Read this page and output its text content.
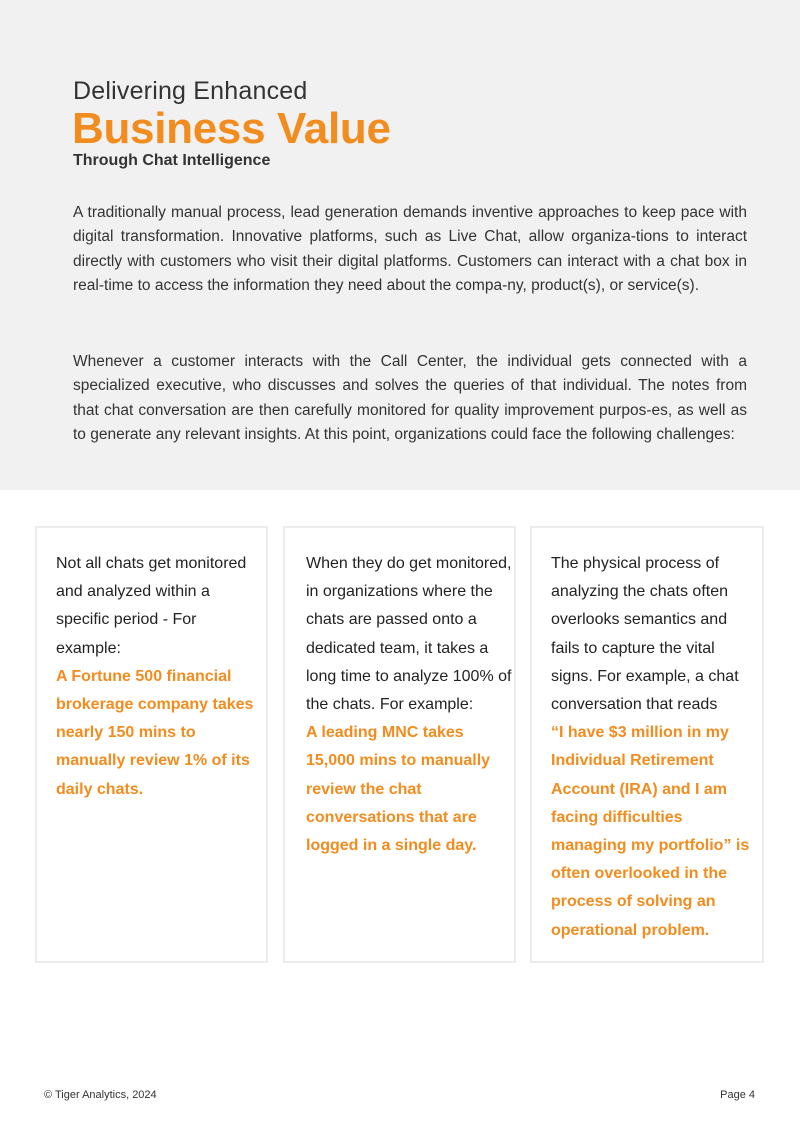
Delivering Enhanced
Business Value
Through Chat Intelligence

A traditionally manual process, lead generation demands inventive approaches to keep pace with digital transformation. Innovative platforms, such as Live Chat, allow organiza-tions to interact directly with customers who visit their digital platforms. Customers can interact with a chat box in real-time to access the information they need about the compa-ny, product(s), or service(s).

Whenever a customer interacts with the Call Center, the individual gets connected with a specialized executive, who discusses and solves the queries of that individual. The notes from that chat conversation are then carefully monitored for quality improvement purpos-es, as well as to generate any relevant insights. At this point, organizations could face the following challenges:

Not all chats get monitored and analyzed within a specific period - For example:
A Fortune 500 financial brokerage company takes nearly 150 mins to manually review 1% of its daily chats.
When they do get monitored, in organizations where the chats are passed onto a dedicated team, it takes a long time to analyze 100% of the chats. For example:
A leading MNC takes 15,000 mins to manually review the chat conversations that are logged in a single day.
The physical process of analyzing the chats often overlooks semantics and fails to capture the vital signs. For example, a chat conversation that reads
“I have $3 million in my Individual Retirement Account (IRA) and I am facing difficulties managing my portfolio” is often overlooked in the process of solving an operational problem.
© Tiger Analytics, 2024	Page 4
